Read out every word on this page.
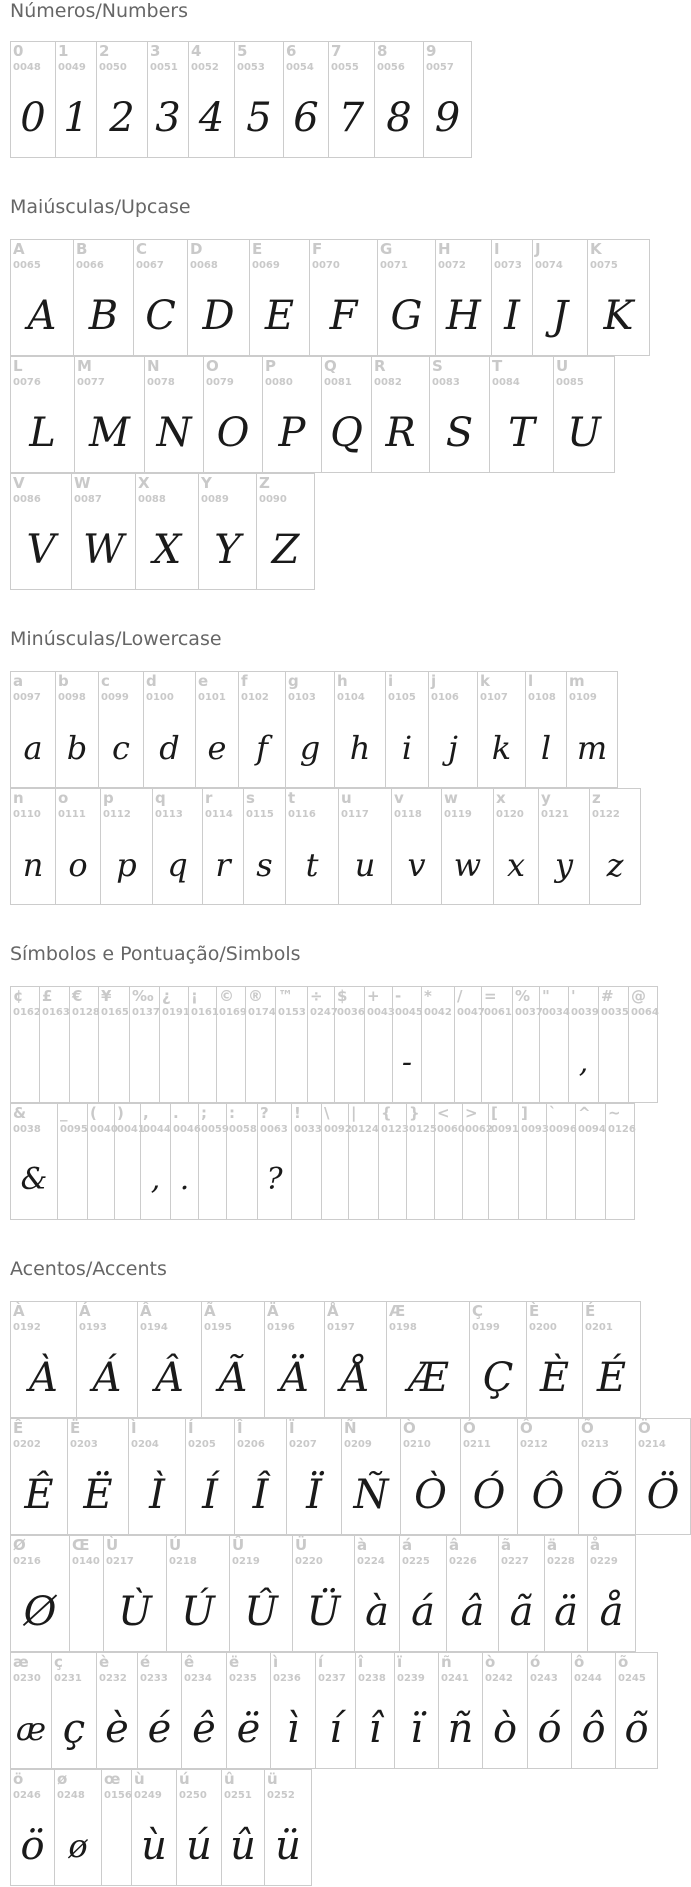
Números/Numbers
0
0048
0
1
0049
1
2
0050
2
3
0051
3
4
0052
4
5
0053
5
6
0054
6
7
0055
7
8
0056
8
9
0057
9
Maiúsculas/Upcase
A
0065
A
B
0066
B
C
0067
C
D
0068
D
E
0069
E
F
0070
F
G
0071
G
H
0072
H
I
0073
I
J
0074
J
K
0075
K
L
0076
L
M
0077
M
N
0078
N
O
0079
O
P
0080
P
Q
0081
Q
R
0082
R
S
0083
S
T
0084
T
U
0085
U
V
0086
V
W
0087
W
X
0088
X
Y
0089
Y
Z
0090
Z
Minúsculas/Lowercase
a
0097
a
b
0098
b
c
0099
c
d
0100
d
e
0101
e
f
0102
f
g
0103
g
h
0104
h
i
0105
i
j
0106
j
k
0107
k
l
0108
l
m
0109
m
n
0110
n
o
0111
o
p
0112
p
q
0113
q
r
0114
r
s
0115
s
t
0116
t
u
0117
u
v
0118
v
w
0119
w
x
0120
x
y
0121
y
z
0122
z
Símbolos e Pontuação/Simbols
¢
0162
£
0163
€
0128
¥
0165
‰
0137
¿
0191
¡
0161
©
0169
®
0174
™
0153
÷
0247
$
0036
+
0043
-
0045
-
*
0042
/
0047
=
0061
%
0037
"
0034
'
0039
,
#
0035
@
0064
&
0038
&
_
0095
(
0040
)
0041
,
0044
,
.
0046
.
;
0059
:
0058
?
0063
?
!
0033
\
0092
|
0124
{
0123
}
0125
<
0060
>
0062
[
0091
]
0093
`
0096
^
0094
~
0126
Acentos/Accents
À
0192
À
Á
0193
Á
Â
0194
Â
Ã
0195
Ã
Ä
0196
Ä
Å
0197
Å
Æ
0198
Æ
Ç
0199
Ç
È
0200
È
É
0201
É
Ê
0202
Ê
Ë
0203
Ë
Ì
0204
Ì
Í
0205
Í
Î
0206
Î
Ï
0207
Ï
Ñ
0209
Ñ
Ò
0210
Ò
Ó
0211
Ó
Ô
0212
Ô
Õ
0213
Õ
Ö
0214
Ö
Ø
0216
Ø
Œ
0140
Ù
0217
Ù
Ú
0218
Ú
Û
0219
Û
Ü
0220
Ü
à
0224
à
á
0225
á
â
0226
â
ã
0227
ã
ä
0228
ä
å
0229
å
æ
0230
æ
ç
0231
ç
è
0232
è
é
0233
é
ê
0234
ê
ë
0235
ë
ì
0236
ì
í
0237
í
î
0238
î
ï
0239
ï
ñ
0241
ñ
ò
0242
ò
ó
0243
ó
ô
0244
ô
õ
0245
õ
ö
0246
ö
ø
0248
ø
œ
0156
ù
0249
ù
ú
0250
ú
û
0251
û
ü
0252
ü
